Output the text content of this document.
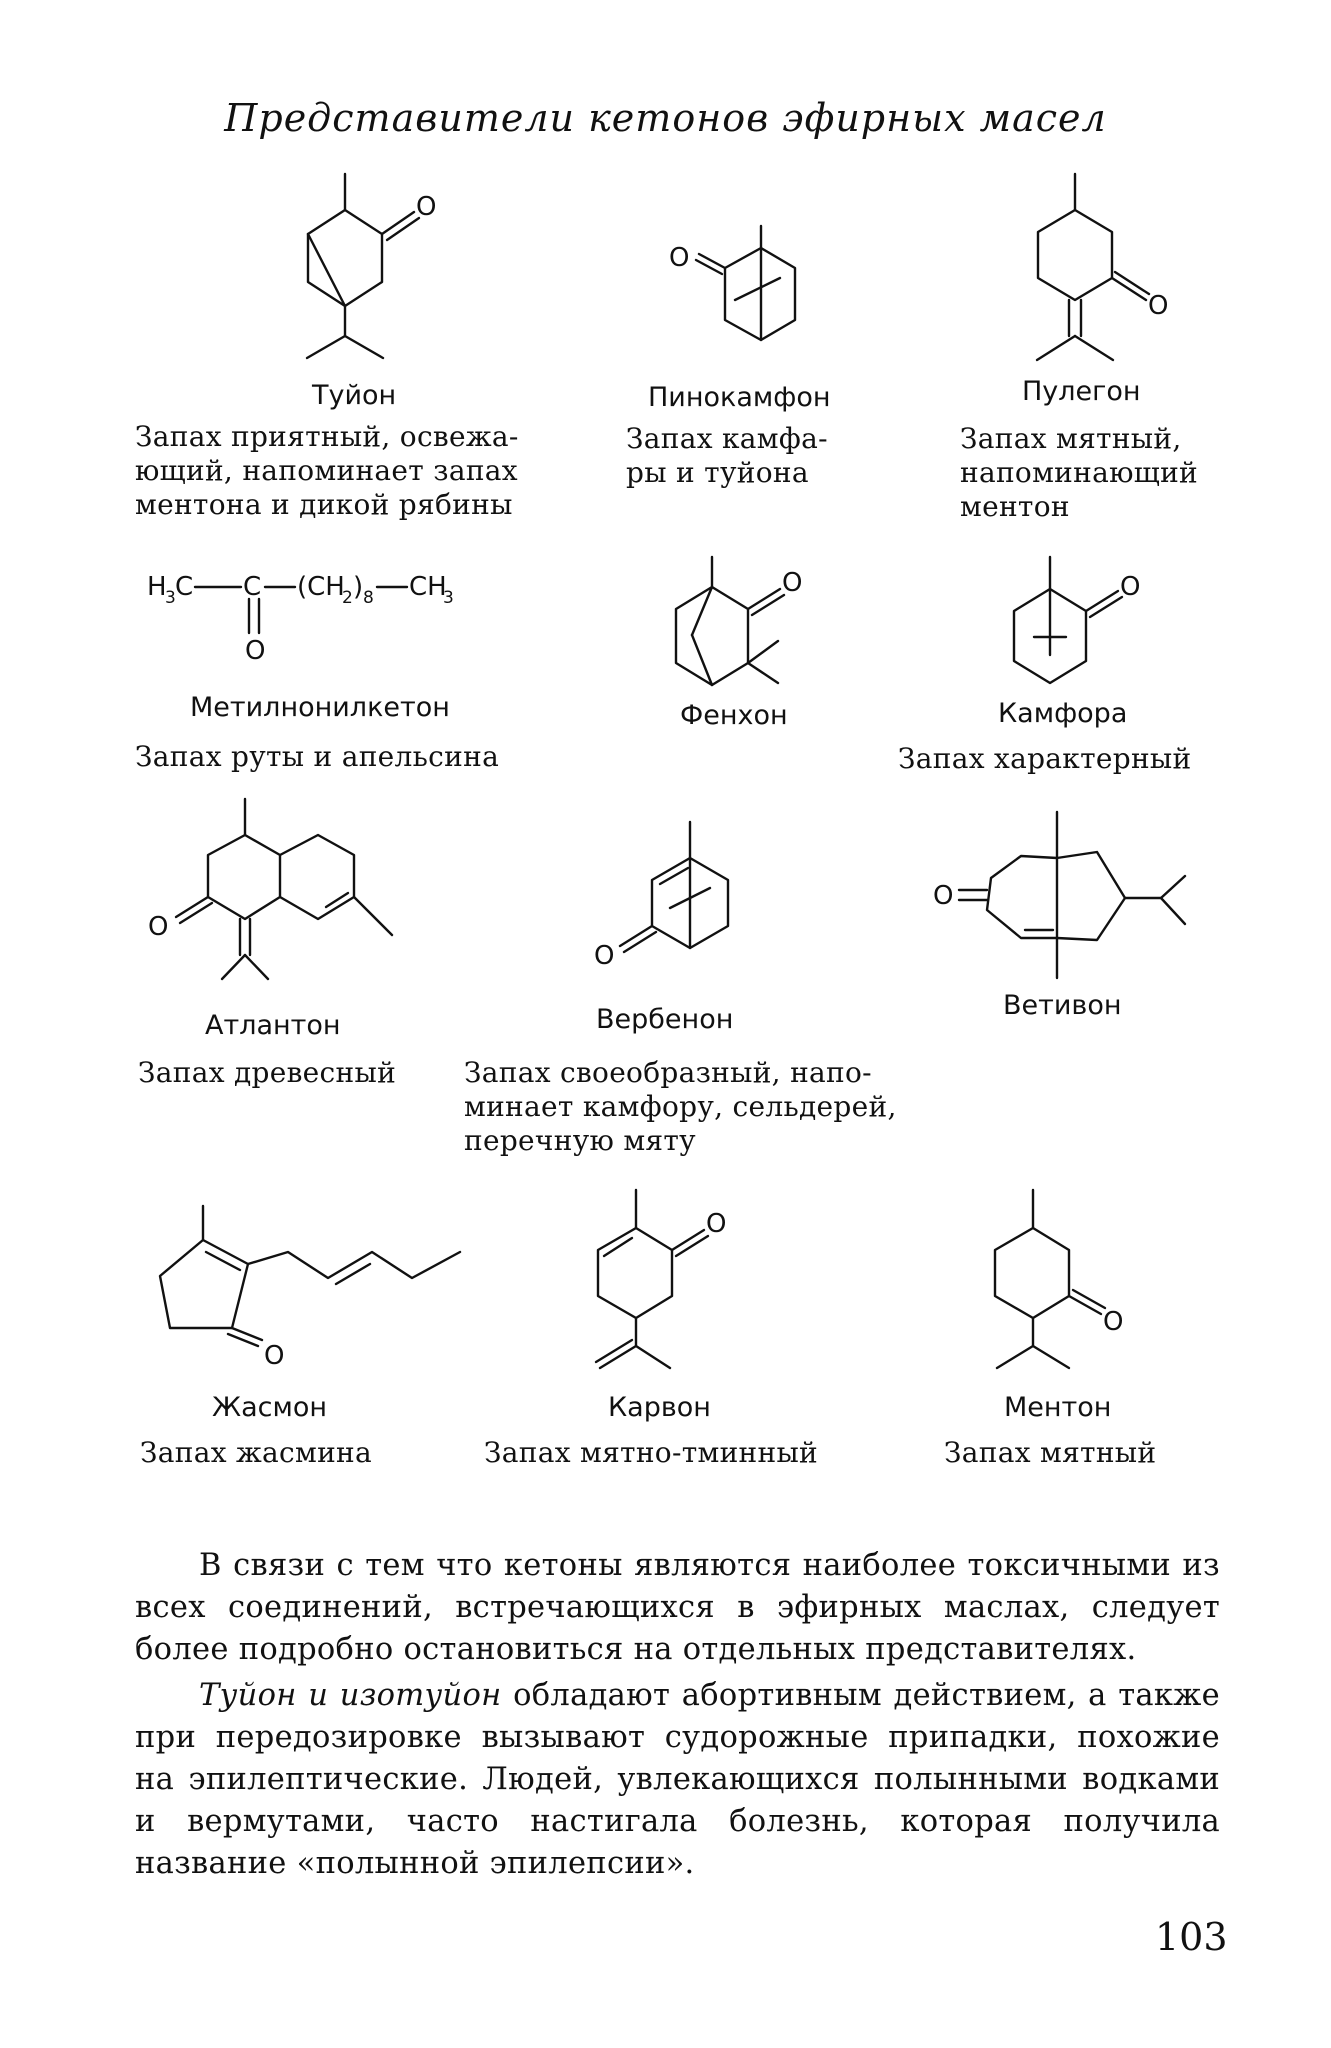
Представители кетонов эфирных масел
O
Туйон
Запах приятный, освежа-
ющий, напоминает запах
ментона и дикой рябины
O
Пинокамфон
Запах камфа-
ры и туйона
O
Пулегон
Запах мятный,
напоминающий
ментон
H
3 C C (CH
2 ) 8 CH
3
O
Метилнонилкетон
Запах руты и апельсина
O
Фенхон
O
Камфора
Запах характерный
O
Атлантон
Запах древесный
O
Вербенон
Запах своеобразный, напо-
минает камфору, сельдерей,
перечную мяту
O
Ветивон
O
Жасмон
Запах жасмина
O
Карвон
Запах мятно-тминный
O
Ментон
Запах мятный

В связи с тем что кетоны являются наиболее токсичными из всех соединений, встречающихся в эфирных маслах, следует более подробно остановиться на отдельных представителях.

Туйон и изотуйон обладают абортивным действием, а также при передозировке вызывают судорожные припадки, похожие на эпилептические. Людей, увлекающихся полынными водками и вермутами, часто настигала болезнь, которая получила название «полынной эпилепсии».

103
